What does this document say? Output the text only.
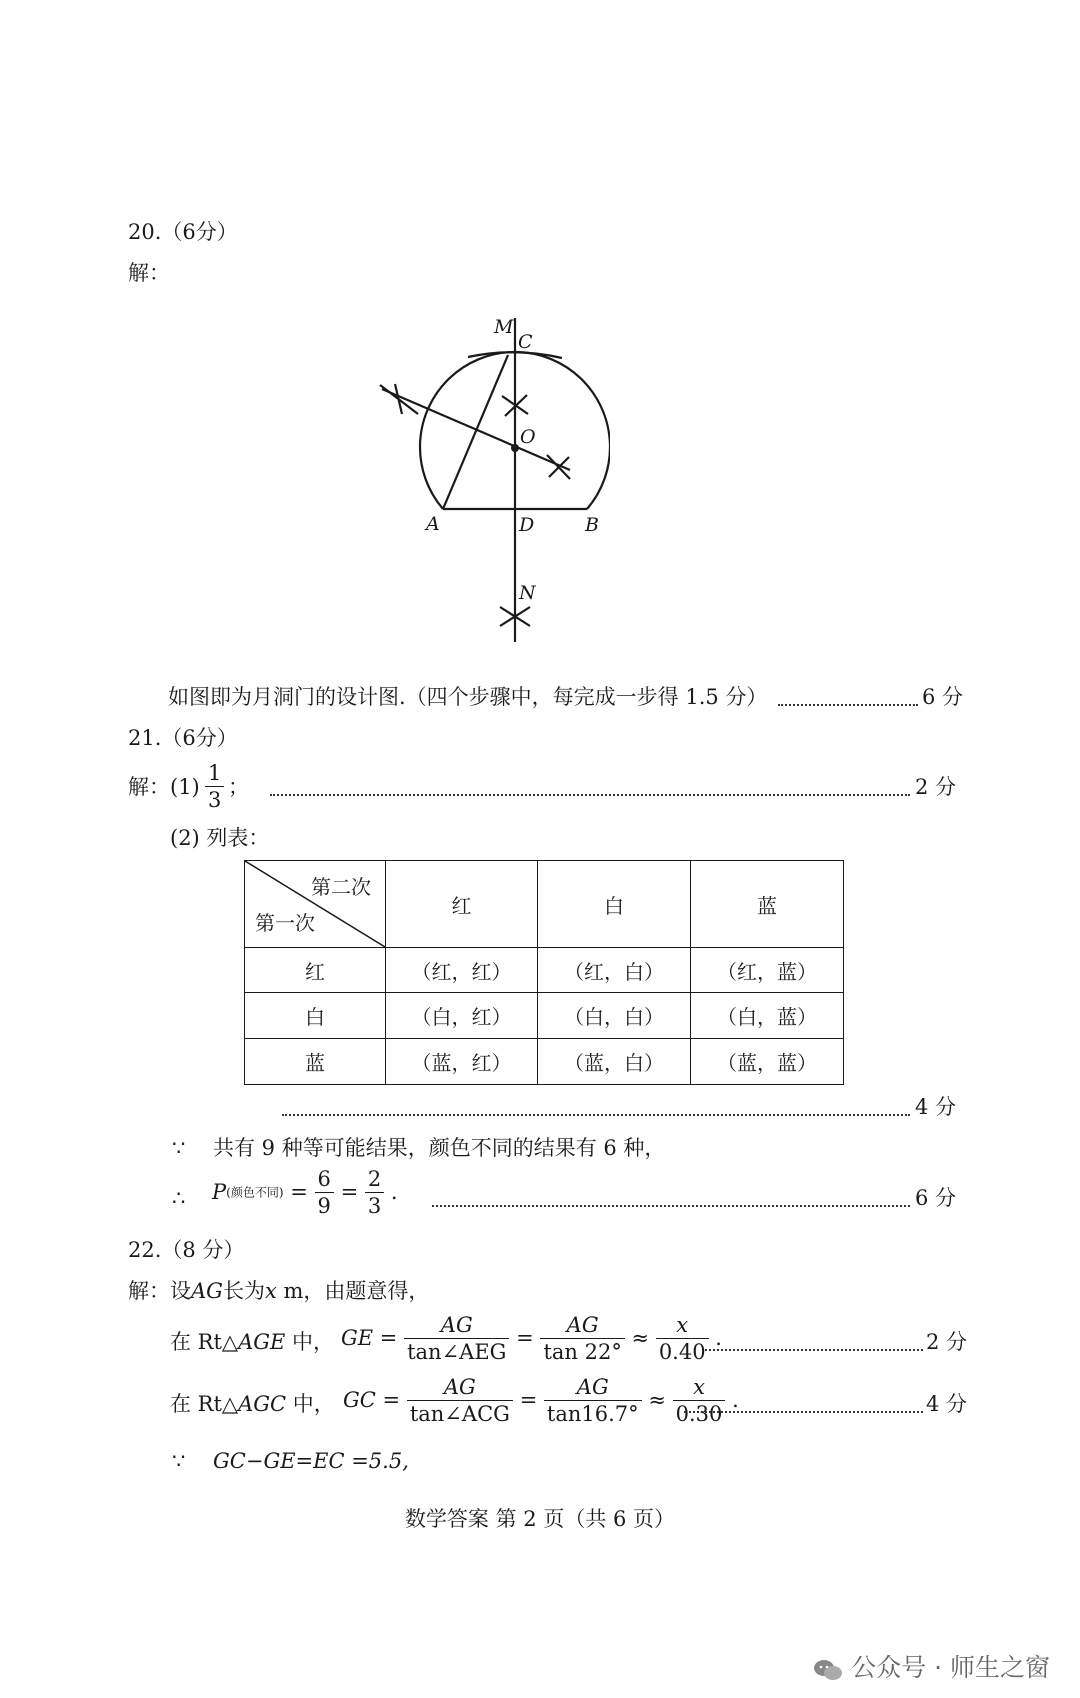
20.（6分）
解：
M
C
O
A	D	B
N
如图即为月洞门的设计图.（四个步骤中，每完成一步得 1.5 分）	6 分
21.（6分）
解：$(1) \frac{1}{3}$ ；	2 分
(2) 列表：
第二次
第一次	红	白	蓝
红	（红，红）	（红，白）	（红，蓝）
白	（白，红）	（白，白）	（白，蓝）
蓝	（蓝，红）	（蓝，白）	（蓝，蓝）
4 分
∵ 共有 9 种等可能结果，颜色不同的结果有 6 种，
∴ P(颜色不同) = $\frac{6}{9} = \frac{2}{3}$ .	6 分
22.（8 分）
解：设AG长为x m，由题意得，
在 Rt△AGE 中， GE = $\frac{AG}{\text{tan∠AEG}} = \frac{AG}{\tan 22^\circ} \approx \frac{x}{0.40}$ .	2 分
在 Rt△AGC 中， GC = $\frac{AG}{\text{tan∠ACG}} = \frac{AG}{\tan 16.7^\circ} \approx \frac{x}{0.30}$ .	4 分
∵ GC−GE=EC =5.5,
数学答案 第 2 页（共 6 页）
公众号 · 师生之窗
